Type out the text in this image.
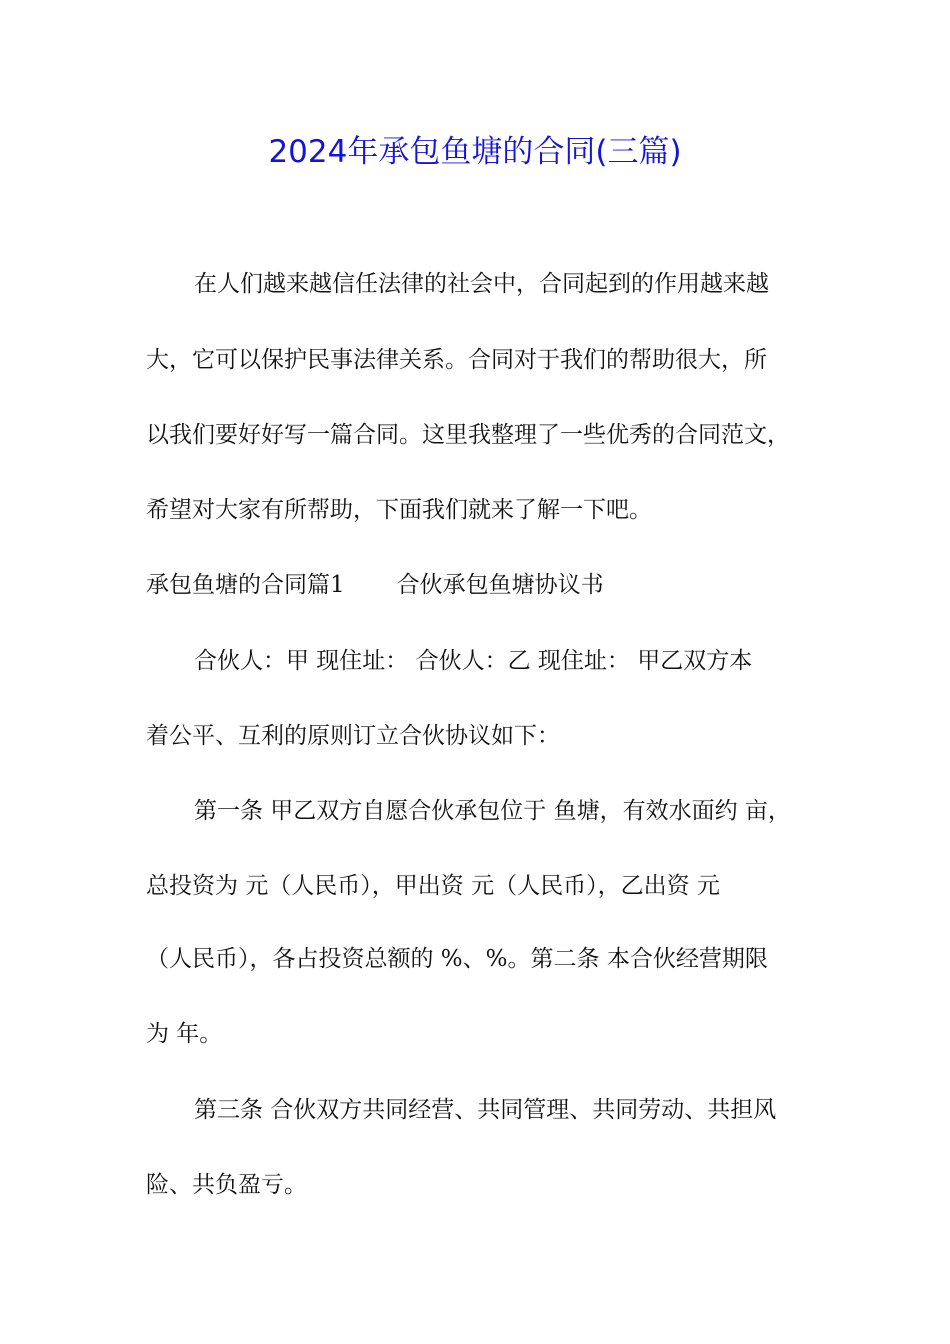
2024年承包鱼塘的合同(三篇)
在人们越来越信任法律的社会中，合同起到的作用越来越
大，它可以保护民事法律关系。合同对于我们的帮助很大，所
以我们要好好写一篇合同。这里我整理了一些优秀的合同范文，
希望对大家有所帮助，下面我们就来了解一下吧。
承包鱼塘的合同篇1 合伙承包鱼塘协议书
合伙人：甲 现住址： 合伙人：乙 现住址： 甲乙双方本
着公平、互利的原则订立合伙协议如下：
第一条 甲乙双方自愿合伙承包位于 鱼塘，有效水面约 亩，
总投资为 元（人民币），甲出资 元（人民币），乙出资 元
（人民币），各占投资总额的 %、%。第二条 本合伙经营期限
为 年。
第三条 合伙双方共同经营、共同管理、共同劳动、共担风
险、共负盈亏。
